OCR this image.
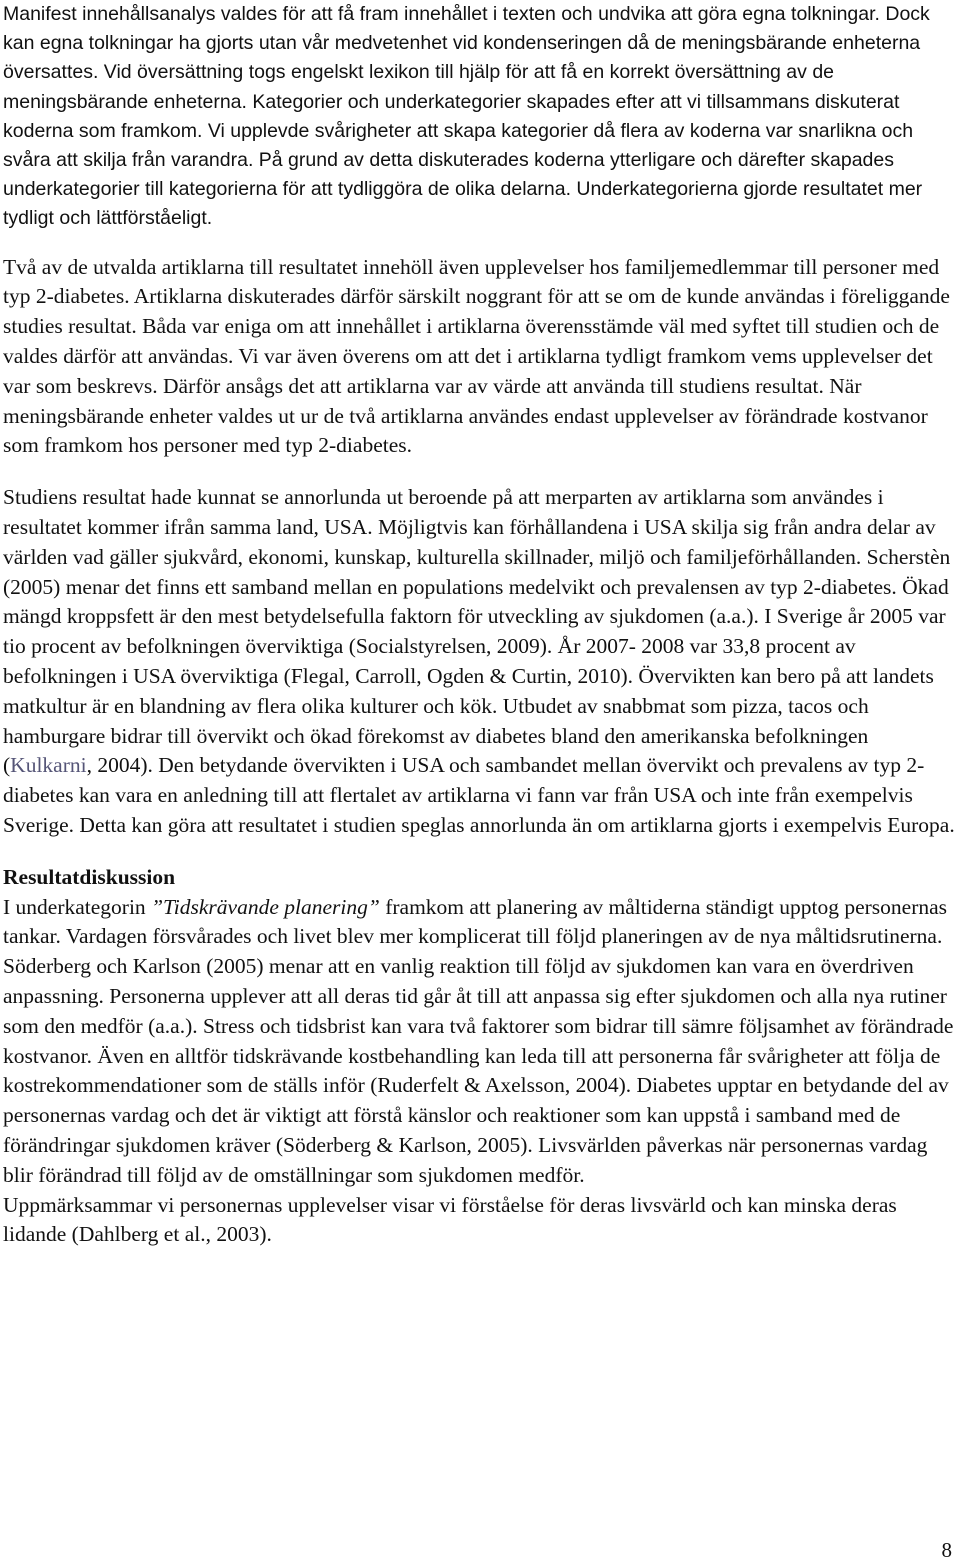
Manifest innehållsanalys valdes för att få fram innehållet i texten och undvika att göra egna tolkningar. Dock kan egna tolkningar ha gjorts utan vår medvetenhet vid kondenseringen då de meningsbärande enheterna översattes. Vid översättning togs engelskt lexikon till hjälp för att få en korrekt översättning av de meningsbärande enheterna. Kategorier och underkategorier skapades efter att vi tillsammans diskuterat koderna som framkom. Vi upplevde svårigheter att skapa kategorier då flera av koderna var snarlikna och svåra att skilja från varandra. På grund av detta diskuterades koderna ytterligare och därefter skapades underkategorier till kategorierna för att tydliggöra de olika delarna. Underkategorierna gjorde resultatet mer tydligt och lättförståeligt.

Två av de utvalda artiklarna till resultatet innehöll även upplevelser hos familjemedlemmar till personer med typ 2-diabetes. Artiklarna diskuterades därför särskilt noggrant för att se om de kunde användas i föreliggande studies resultat. Båda var eniga om att innehållet i artiklarna överensstämde väl med syftet till studien och de valdes därför att användas. Vi var även överens om att det i artiklarna tydligt framkom vems upplevelser det var som beskrevs. Därför ansågs det att artiklarna var av värde att använda till studiens resultat. När meningsbärande enheter valdes ut ur de två artiklarna användes endast upplevelser av förändrade kostvanor som framkom hos personer med typ 2-diabetes.

Studiens resultat hade kunnat se annorlunda ut beroende på att merparten av artiklarna som användes i resultatet kommer ifrån samma land, USA. Möjligtvis kan förhållandena i USA skilja sig från andra delar av världen vad gäller sjukvård, ekonomi, kunskap, kulturella skillnader, miljö och familjeförhållanden. Scherstèn (2005) menar det finns ett samband mellan en populations medelvikt och prevalensen av typ 2-diabetes. Ökad mängd kroppsfett är den mest betydelsefulla faktorn för utveckling av sjukdomen (a.a.). I Sverige år 2005 var tio procent av befolkningen överviktiga (Socialstyrelsen, 2009). År 2007- 2008 var 33,8 procent av befolkningen i USA överviktiga (Flegal, Carroll, Ogden & Curtin, 2010). Övervikten kan bero på att landets matkultur är en blandning av flera olika kulturer och kök. Utbudet av snabbmat som pizza, tacos och hamburgare bidrar till övervikt och ökad förekomst av diabetes bland den amerikanska befolkningen (Kulkarni, 2004). Den betydande övervikten i USA och sambandet mellan övervikt och prevalens av typ 2-diabetes kan vara en anledning till att flertalet av artiklarna vi fann var från USA och inte från exempelvis Sverige. Detta kan göra att resultatet i studien speglas annorlunda än om artiklarna gjorts i exempelvis Europa.

Resultatdiskussion

I underkategorin ”Tidskrävande planering” framkom att planering av måltiderna ständigt upptog personernas tankar. Vardagen försvårades och livet blev mer komplicerat till följd planeringen av de nya måltidsrutinerna. Söderberg och Karlson (2005) menar att en vanlig reaktion till följd av sjukdomen kan vara en överdriven anpassning. Personerna upplever att all deras tid går åt till att anpassa sig efter sjukdomen och alla nya rutiner som den medför (a.a.). Stress och tidsbrist kan vara två faktorer som bidrar till sämre följsamhet av förändrade kostvanor. Även en alltför tidskrävande kostbehandling kan leda till att personerna får svårigheter att följa de kostrekommendationer som de ställs inför (Ruderfelt & Axelsson, 2004). Diabetes upptar en betydande del av personernas vardag och det är viktigt att förstå känslor och reaktioner som kan uppstå i samband med de förändringar sjukdomen kräver (Söderberg & Karlson, 2005). Livsvärlden påverkas när personernas vardag blir förändrad till följd av de omställningar som sjukdomen medför.

Uppmärksammar vi personernas upplevelser visar vi förståelse för deras livsvärld och kan minska deras lidande (Dahlberg et al., 2003).

8
